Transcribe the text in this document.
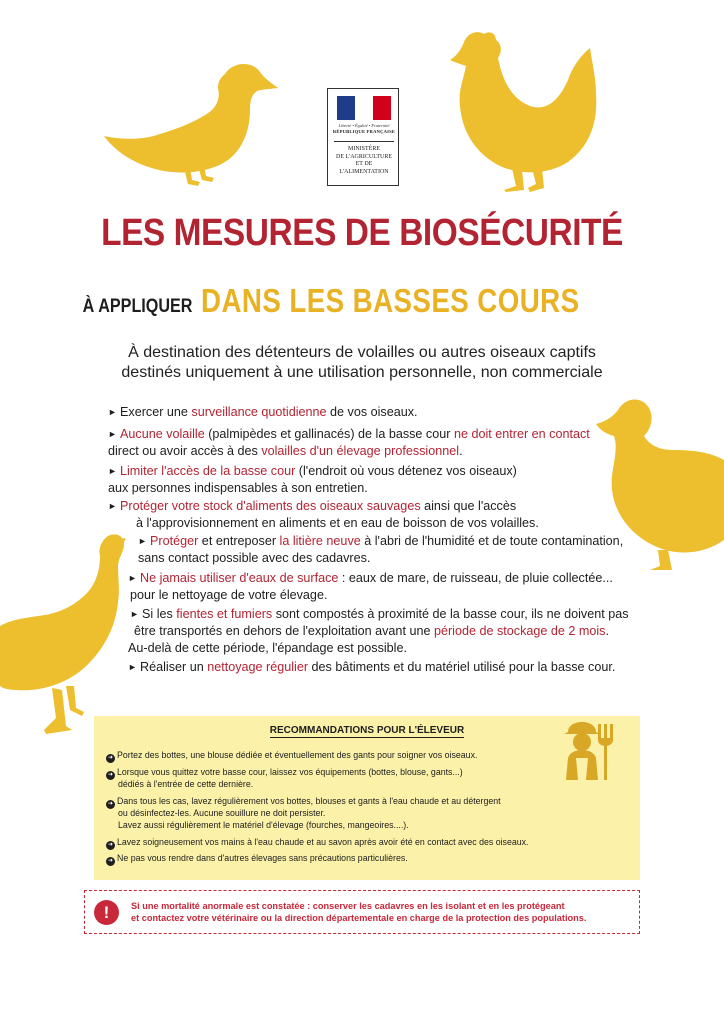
Liberté • Égalité • Fraternité
RÉPUBLIQUE FRANÇAISE
MINISTÈRE
DE L'AGRICULTURE
ET DE
L'ALIMENTATION
LES MESURES DE BIOSÉCURITÉ
À APPLIQUER DANS LES BASSES COURS
À destination des détenteurs de volailles ou autres oiseaux captifs
destinés uniquement à une utilisation personnelle, non commerciale
► Exercer une surveillance quotidienne de vos oiseaux.
► Aucune volaille (palmipèdes et gallinacés) de la basse cour ne doit entrer en contact
direct ou avoir accès à des volailles d'un élevage professionnel.
► Limiter l'accès de la basse cour (l'endroit où vous détenez vos oiseaux)
aux personnes indispensables à son entretien.
► Protéger votre stock d'aliments des oiseaux sauvages ainsi que l'accès
à l'approvisionnement en aliments et en eau de boisson de vos volailles.
► Protéger et entreposer la litière neuve à l'abri de l'humidité et de toute contamination,
sans contact possible avec des cadavres.
► Ne jamais utiliser d'eaux de surface : eaux de mare, de ruisseau, de pluie collectée...
pour le nettoyage de votre élevage.
► Si les fientes et fumiers sont compostés à proximité de la basse cour, ils ne doivent pas
être transportés en dehors de l'exploitation avant une période de stockage de 2 mois.
Au-delà de cette période, l'épandage est possible.
► Réaliser un nettoyage régulier des bâtiments et du matériel utilisé pour la basse cour.
RECOMMANDATIONS POUR L'ÉLEVEUR
➜ Portez des bottes, une blouse dédiée et éventuellement des gants pour soigner vos oiseaux.
➜ Lorsque vous quittez votre basse cour, laissez vos équipements (bottes, blouse, gants...)
dédiés à l'entrée de cette dernière.
➜ Dans tous les cas, lavez régulièrement vos bottes, blouses et gants à l'eau chaude et au détergent
ou désinfectez-les. Aucune souillure ne doit persister.
Lavez aussi régulièrement le matériel d'élevage (fourches, mangeoires....).
➜ Lavez soigneusement vos mains à l'eau chaude et au savon après avoir été en contact avec des oiseaux.
➜ Ne pas vous rendre dans d'autres élevages sans précautions particulières.
!	Si une mortalité anormale est constatée : conserver les cadavres en les isolant et en les protégeant
et contactez votre vétérinaire ou la direction départementale en charge de la protection des populations.
